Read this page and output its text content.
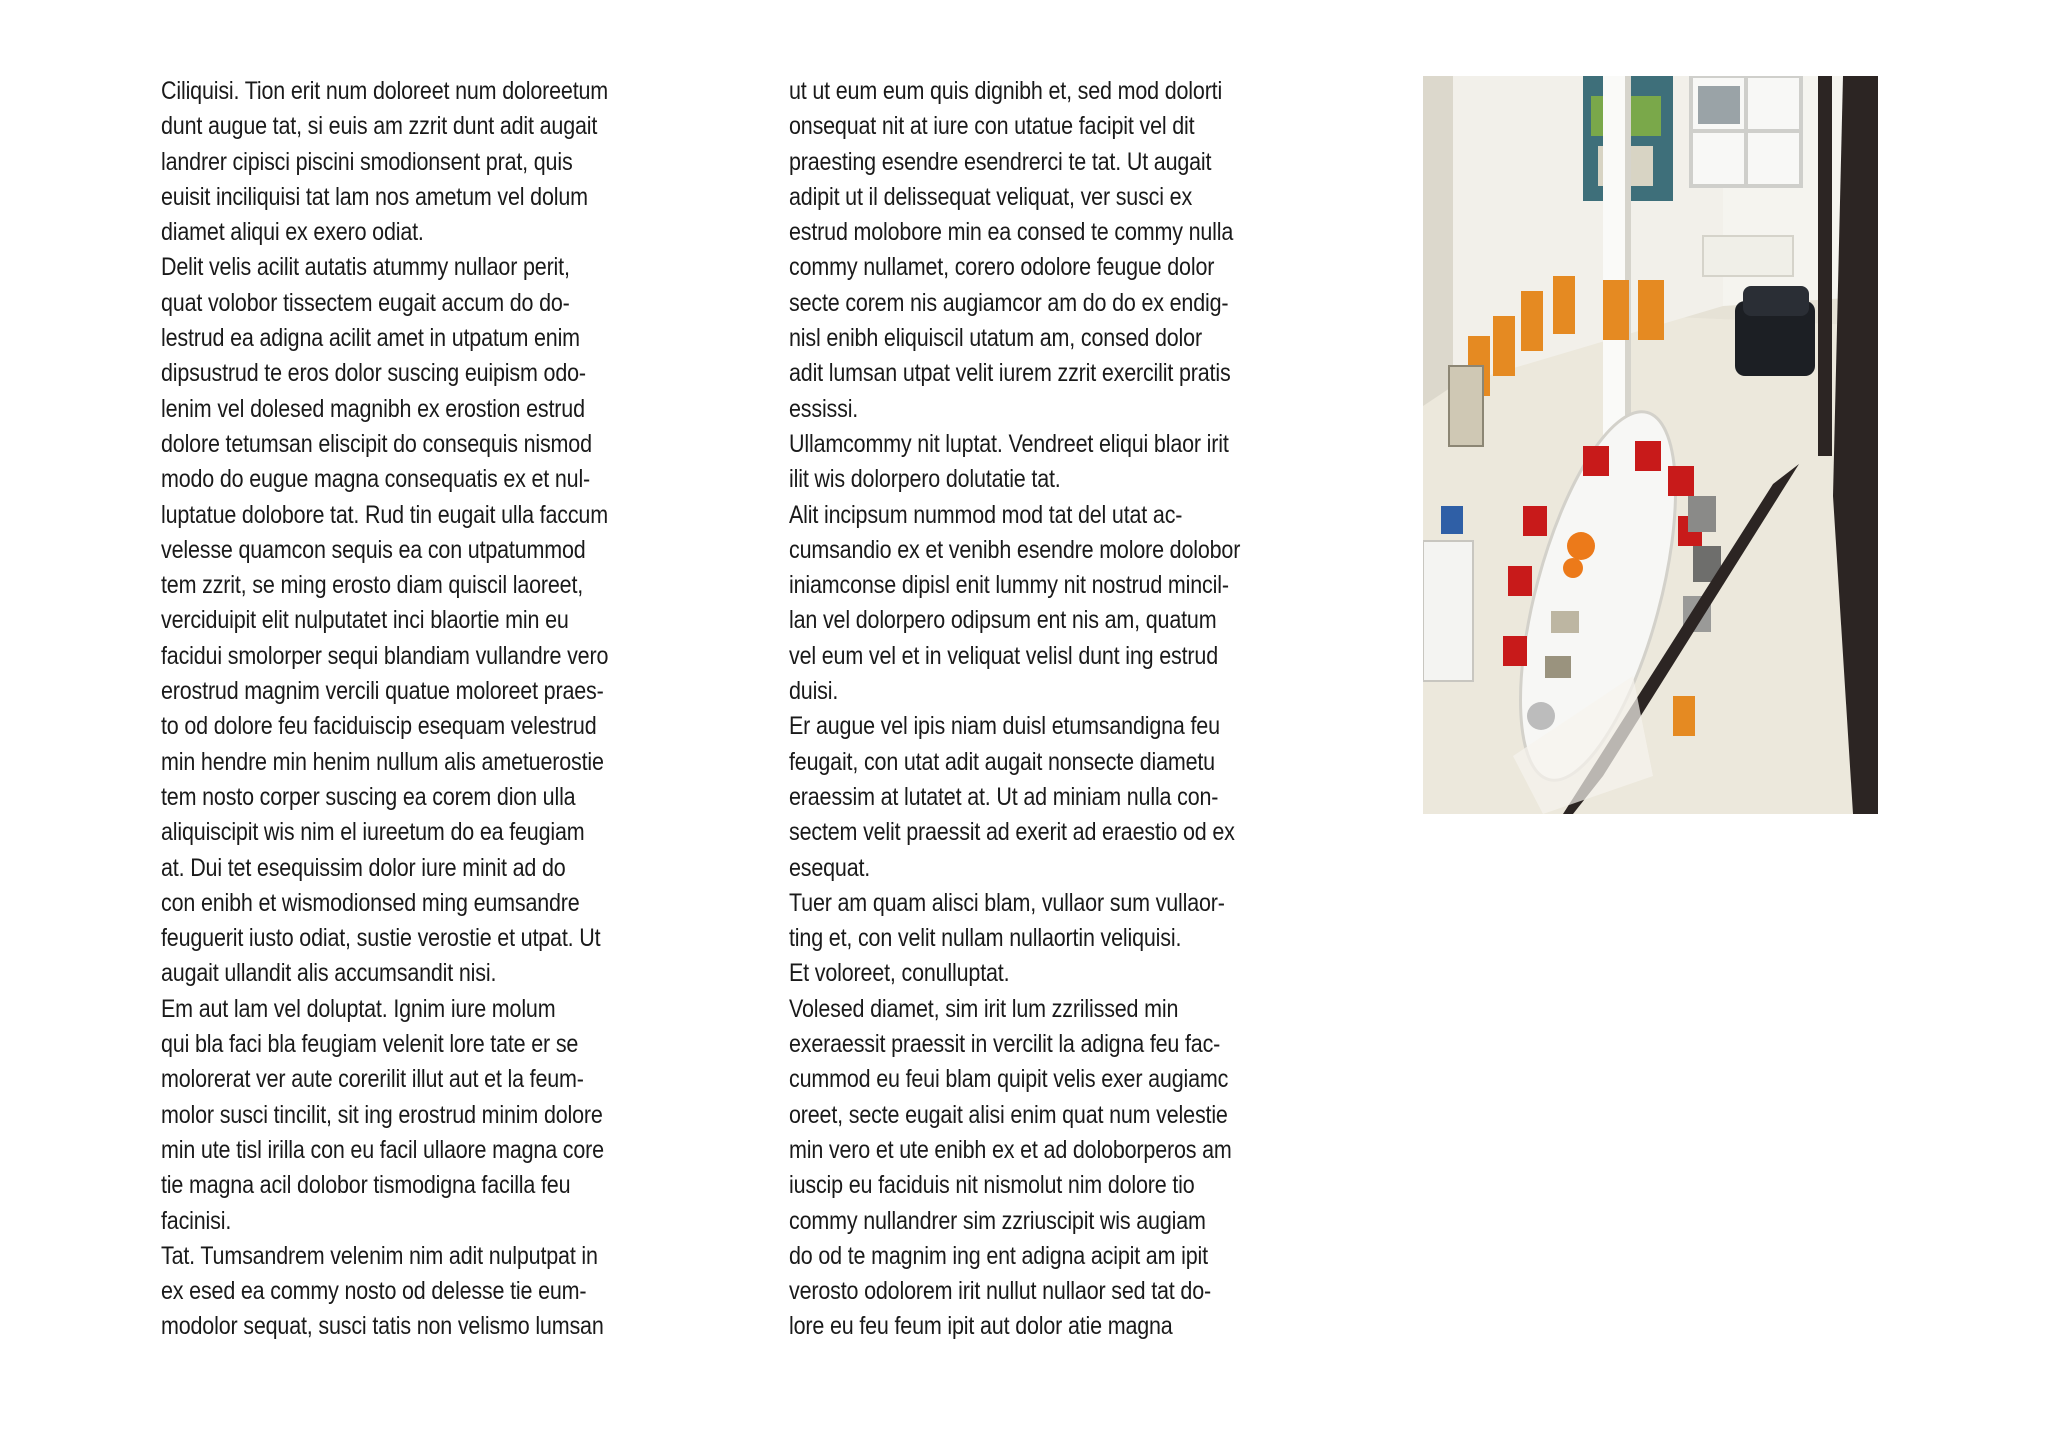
Ciliquisi. Tion erit num doloreet num doloreetum
dunt augue tat, si euis am zzrit dunt adit augait
landrer cipisci piscini smodionsent prat, quis
euisit inciliquisi tat lam nos ametum vel dolum
diamet aliqui ex exero odiat.
Delit velis acilit autatis atummy nullaor perit,
quat volobor tissectem eugait accum do do-
lestrud ea adigna acilit amet in utpatum enim
dipsustrud te eros dolor suscing euipism odo-
lenim vel dolesed magnibh ex erostion estrud
dolore tetumsan eliscipit do consequis nismod
modo do eugue magna consequatis ex et nul-
luptatue dolobore tat. Rud tin eugait ulla faccum
velesse quamcon sequis ea con utpatummod
tem zzrit, se ming erosto diam quiscil laoreet,
verciduipit elit nulputatet inci blaortie min eu
facidui smolorper sequi blandiam vullandre vero
erostrud magnim vercili quatue moloreet praes-
to od dolore feu faciduiscip esequam velestrud
min hendre min henim nullum alis ametuerostie
tem nosto corper suscing ea corem dion ulla
aliquiscipit wis nim el iureetum do ea feugiam
at. Dui tet esequissim dolor iure minit ad do
con enibh et wismodionsed ming eumsandre
feuguerit iusto odiat, sustie verostie et utpat. Ut
augait ullandit alis accumsandit nisi.
Em aut lam vel doluptat. Ignim iure molum
qui bla faci bla feugiam velenit lore tate er se
molorerat ver aute corerilit illut aut et la feum-
molor susci tincilit, sit ing erostrud minim dolore
min ute tisl irilla con eu facil ullaore magna core
tie magna acil dolobor tismodigna facilla feu
facinisi.
Tat. Tumsandrem velenim nim adit nulputpat in
ex esed ea commy nosto od delesse tie eum-
modolor sequat, susci tatis non velismo lumsan
ut ut eum eum quis dignibh et, sed mod dolorti
onsequat nit at iure con utatue facipit vel dit
praesting esendre esendrerci te tat. Ut augait
adipit ut il delissequat veliquat, ver susci ex
estrud molobore min ea consed te commy nulla
commy nullamet, corero odolore feugue dolor
secte corem nis augiamcor am do do ex endig-
nisl enibh eliquiscil utatum am, consed dolor
adit lumsan utpat velit iurem zzrit exercilit pratis
essissi.
Ullamcommy nit luptat. Vendreet eliqui blaor irit
ilit wis dolorpero dolutatie tat.
Alit incipsum nummod mod tat del utat ac-
cumsandio ex et venibh esendre molore dolobor
iniamconse dipisl enit lummy nit nostrud mincil-
lan vel dolorpero odipsum ent nis am, quatum
vel eum vel et in veliquat velisl dunt ing estrud
duisi.
Er augue vel ipis niam duisl etumsandigna feu
feugait, con utat adit augait nonsecte diametu
eraessim at lutatet at. Ut ad miniam nulla con-
sectem velit praessit ad exerit ad eraestio od ex
esequat.
Tuer am quam alisci blam, vullaor sum vullaor-
ting et, con velit nullam nullaortin veliquisi.
Et voloreet, conulluptat.
Volesed diamet, sim irit lum zzrilissed min
exeraessit praessit in vercilit la adigna feu fac-
cummod eu feui blam quipit velis exer augiamc
oreet, secte eugait alisi enim quat num velestie
min vero et ute enibh ex et ad doloborperos am
iuscip eu faciduis nit nismolut nim dolore tio
commy nullandrer sim zzriuscipit wis augiam
do od te magnim ing ent adigna acipit am ipit
verosto odolorem irit nullut nullaor sed tat do-
lore eu feu feum ipit aut dolor atie magna
